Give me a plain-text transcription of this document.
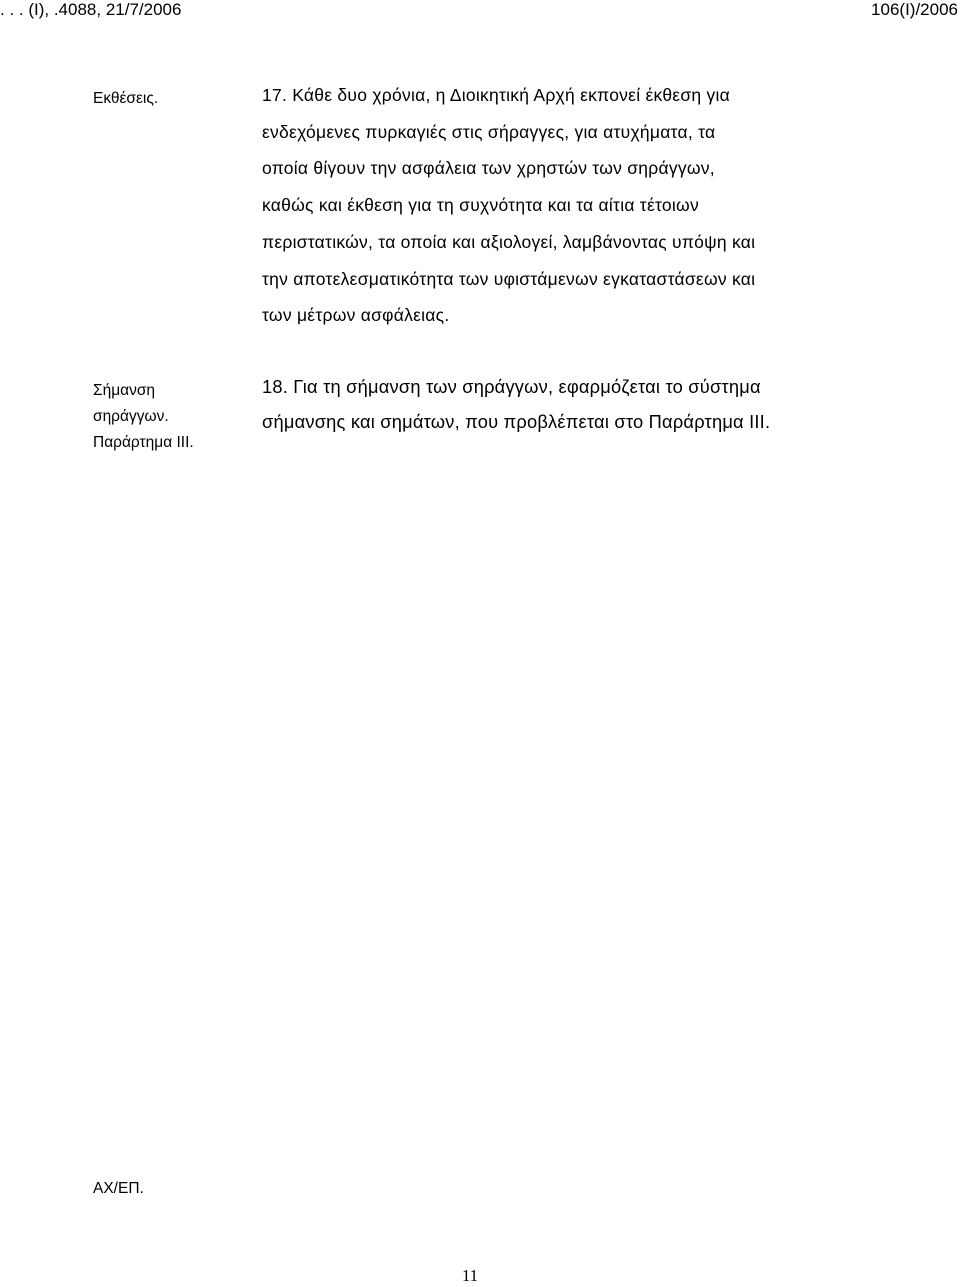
. . . (Ι), .4088, 21/7/2006	106(Ι)/2006
Εκθέσεις.	17. Κάθε δυο χρόνια, η Διοικητική Αρχή εκπονεί έκθεση για
ενδεχόμενες πυρκαγιές στις σήραγγες, για ατυχήματα, τα
οποία θίγουν την ασφάλεια των χρηστών των σηράγγων,
καθώς και έκθεση για τη συχνότητα και τα αίτια τέτοιων
περιστατικών, τα οποία και αξιολογεί, λαμβάνοντας υπόψη και
την αποτελεσματικότητα των υφιστάμενων εγκαταστάσεων και
των μέτρων ασφάλειας.
Σήμανση
σηράγγων.
Παράρτημα ΙΙΙ.
18. Για τη σήμανση των σηράγγων, εφαρμόζεται το σύστημα
σήμανσης και σημάτων, που προβλέπεται στο Παράρτημα ΙΙΙ.
ΑΧ/ΕΠ.
11
